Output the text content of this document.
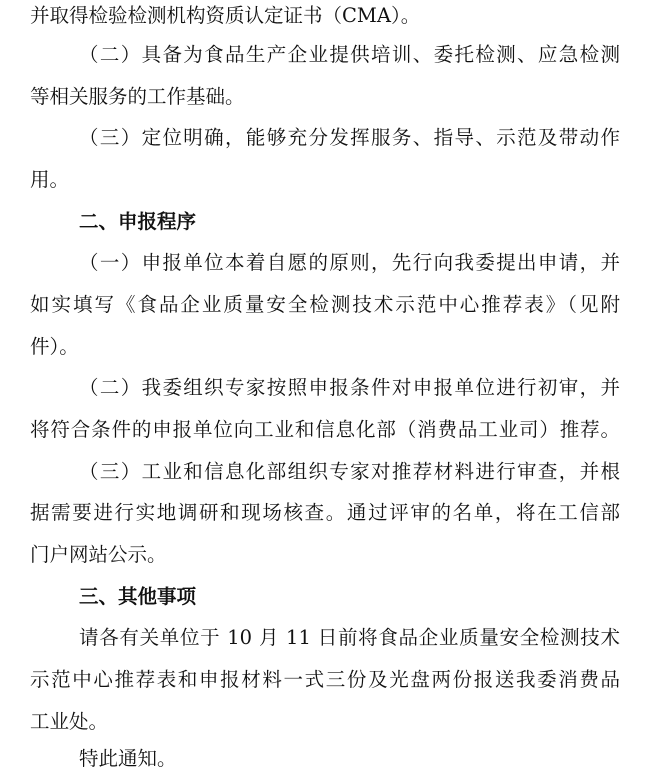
并取得检验检测机构资质认定证书（CMA）。
（二）具备为食品生产企业提供培训、委托检测、应急检测
等相关服务的工作基础。
（三）定位明确，能够充分发挥服务、指导、示范及带动作
用。
二、申报程序
（一）申报单位本着自愿的原则，先行向我委提出申请，并
如实填写《食品企业质量安全检测技术示范中心推荐表》（见附
件）。
（二）我委组织专家按照申报条件对申报单位进行初审，并
将符合条件的申报单位向工业和信息化部（消费品工业司）推荐。
（三）工业和信息化部组织专家对推荐材料进行审查，并根
据需要进行实地调研和现场核查。通过评审的名单，将在工信部
门户网站公示。
三、其他事项
请各有关单位于 10 月 11 日前将食品企业质量安全检测技术
示范中心推荐表和申报材料一式三份及光盘两份报送我委消费品
工业处。
特此通知。
